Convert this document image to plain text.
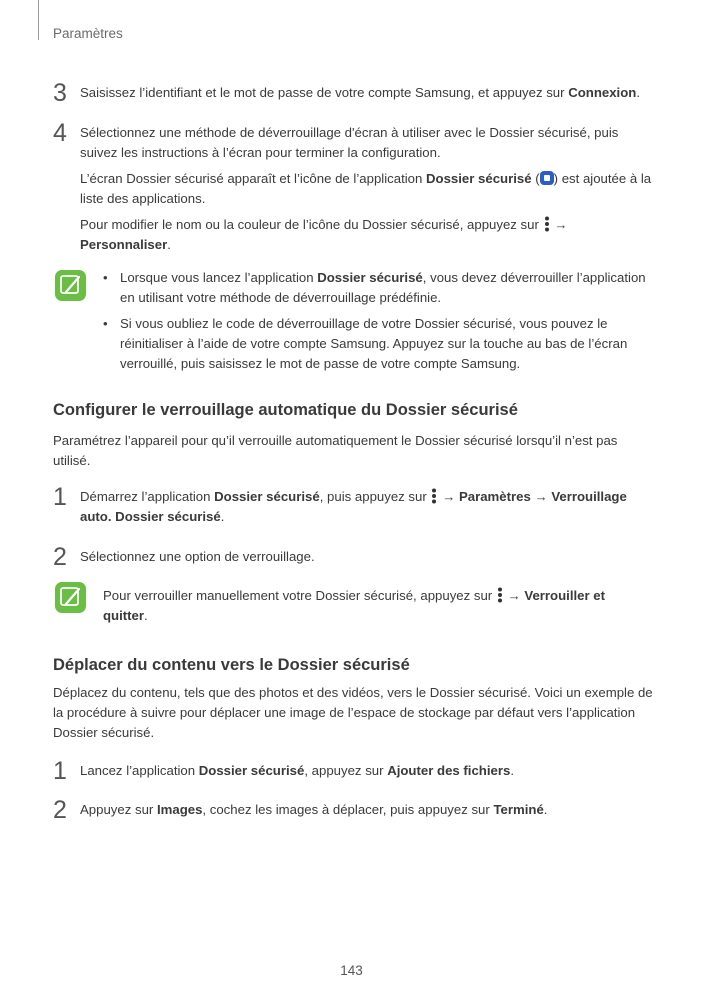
Paramètres
3 Saisissez l’identifiant et le mot de passe de votre compte Samsung, et appuyez sur Connexion.
4 Sélectionnez une méthode de déverrouillage d'écran à utiliser avec le Dossier sécurisé, puis
suivez les instructions à l’écran pour terminer la configuration.
L’écran Dossier sécurisé apparaît et l’icône de l’application Dossier sécurisé ( ) est ajoutée à la
liste des applications.
Pour modifier le nom ou la couleur de l’icône du Dossier sécurisé, appuyez sur  →
Personnaliser.
• Lorsque vous lancez l’application Dossier sécurisé, vous devez déverrouiller l’application
en utilisant votre méthode de déverrouillage prédéfinie.
• Si vous oubliez le code de déverrouillage de votre Dossier sécurisé, vous pouvez le
réinitialiser à l’aide de votre compte Samsung. Appuyez sur la touche au bas de l’écran
verrouillé, puis saisissez le mot de passe de votre compte Samsung.
Configurer le verrouillage automatique du Dossier sécurisé
Paramétrez l’appareil pour qu’il verrouille automatiquement le Dossier sécurisé lorsqu’il n’est pas
utilisé.
1 Démarrez l’application Dossier sécurisé, puis appuyez sur  → Paramètres → Verrouillage
auto. Dossier sécurisé.
2 Sélectionnez une option de verrouillage.
Pour verrouiller manuellement votre Dossier sécurisé, appuyez sur  → Verrouiller et
quitter.
Déplacer du contenu vers le Dossier sécurisé
Déplacez du contenu, tels que des photos et des vidéos, vers le Dossier sécurisé. Voici un exemple de
la procédure à suivre pour déplacer une image de l’espace de stockage par défaut vers l’application
Dossier sécurisé.
1 Lancez l’application Dossier sécurisé, appuyez sur Ajouter des fichiers.
2 Appuyez sur Images, cochez les images à déplacer, puis appuyez sur Terminé.
143
